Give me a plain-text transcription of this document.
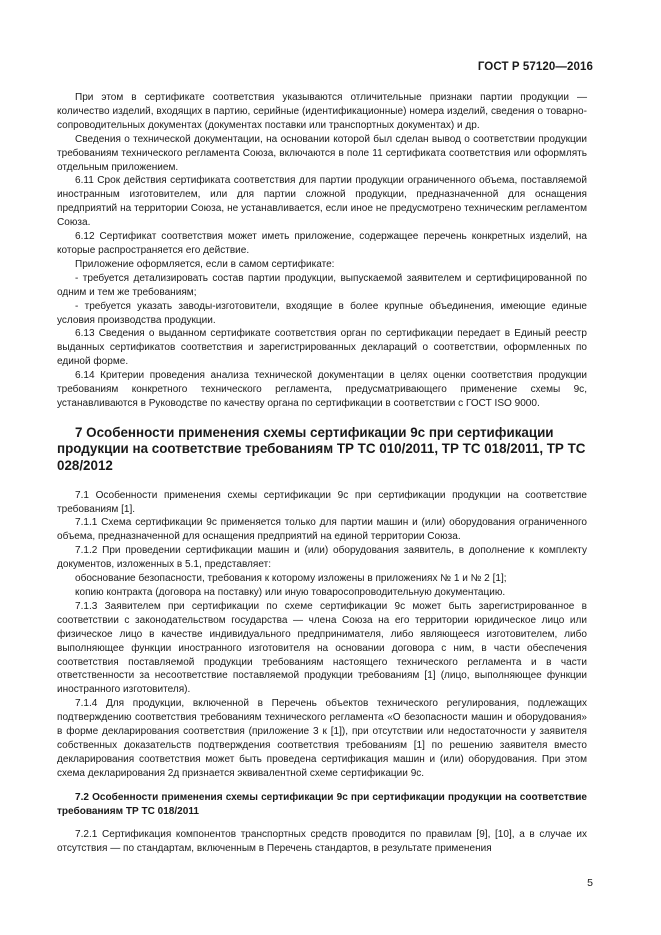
ГОСТ Р 57120—2016

При этом в сертификате соответствия указываются отличительные признаки партии продукции — количество изделий, входящих в партию, серийные (идентификационные) номера изделий, сведения о товарно-сопроводительных документах (документах поставки или транспортных документах) и др.

Сведения о технической документации, на основании которой был сделан вывод о соответствии продукции требованиям технического регламента Союза, включаются в поле 11 сертификата соответствия или оформлять отдельным приложением.

6.11 Срок действия сертификата соответствия для партии продукции ограниченного объема, поставляемой иностранным изготовителем, или для партии сложной продукции, предназначенной для оснащения предприятий на территории Союза, не устанавливается, если иное не предусмотрено техническим регламентом Союза.

6.12 Сертификат соответствия может иметь приложение, содержащее перечень конкретных изделий, на которые распространяется его действие.

Приложение оформляется, если в самом сертификате:

- требуется детализировать состав партии продукции, выпускаемой заявителем и сертифицированной по одним и тем же требованиям;

- требуется указать заводы-изготовители, входящие в более крупные объединения, имеющие единые условия производства продукции.

6.13 Сведения о выданном сертификате соответствия орган по сертификации передает в Единый реестр выданных сертификатов соответствия и зарегистрированных деклараций о соответствии, оформленных по единой форме.

6.14 Критерии проведения анализа технической документации в целях оценки соответствия продукции требованиям конкретного технического регламента, предусматривающего применение схемы 9с, устанавливаются в Руководстве по качеству органа по сертификации в соответствии с ГОСТ ISO 9000.

7 Особенности применения схемы сертификации 9с при сертификации продукции на соответствие требованиям ТР ТС 010/2011, ТР ТС 018/2011, ТР ТС 028/2012

7.1 Особенности применения схемы сертификации 9с при сертификации продукции на соответствие требованиям [1].

7.1.1 Схема сертификации 9с применяется только для партии машин и (или) оборудования ограниченного объема, предназначенной для оснащения предприятий на единой территории Союза.

7.1.2 При проведении сертификации машин и (или) оборудования заявитель, в дополнение к комплекту документов, изложенных в 5.1, представляет:

обоснование безопасности, требования к которому изложены в приложениях № 1 и № 2 [1];

копию контракта (договора на поставку) или иную товаросопроводительную документацию.

7.1.3 Заявителем при сертификации по схеме сертификации 9с может быть зарегистрированное в соответствии с законодательством государства — члена Союза на его территории юридическое лицо или физическое лицо в качестве индивидуального предпринимателя, либо являющееся изготовителем, либо выполняющее функции иностранного изготовителя на основании договора с ним, в части обеспечения соответствия поставляемой продукции требованиям настоящего технического регламента и в части ответственности за несоответствие поставляемой продукции требованиям [1] (лицо, выполняющее функции иностранного изготовителя).

7.1.4 Для продукции, включенной в Перечень объектов технического регулирования, подлежащих подтверждению соответствия требованиям технического регламента «О безопасности машин и оборудования» в форме декларирования соответствия (приложение 3 к [1]), при отсутствии или недостаточности у заявителя собственных доказательств подтверждения соответствия требованиям [1] по решению заявителя вместо декларирования соответствия может быть проведена сертификация машин и (или) оборудования. При этом схема декларирования 2д признается эквивалентной схеме сертификации 9с.

7.2 Особенности применения схемы сертификации 9с при сертификации продукции на соответствие требованиям ТР ТС 018/2011

7.2.1 Сертификация компонентов транспортных средств проводится по правилам [9], [10], а в случае их отсутствия — по стандартам, включенным в Перечень стандартов, в результате применения

5
